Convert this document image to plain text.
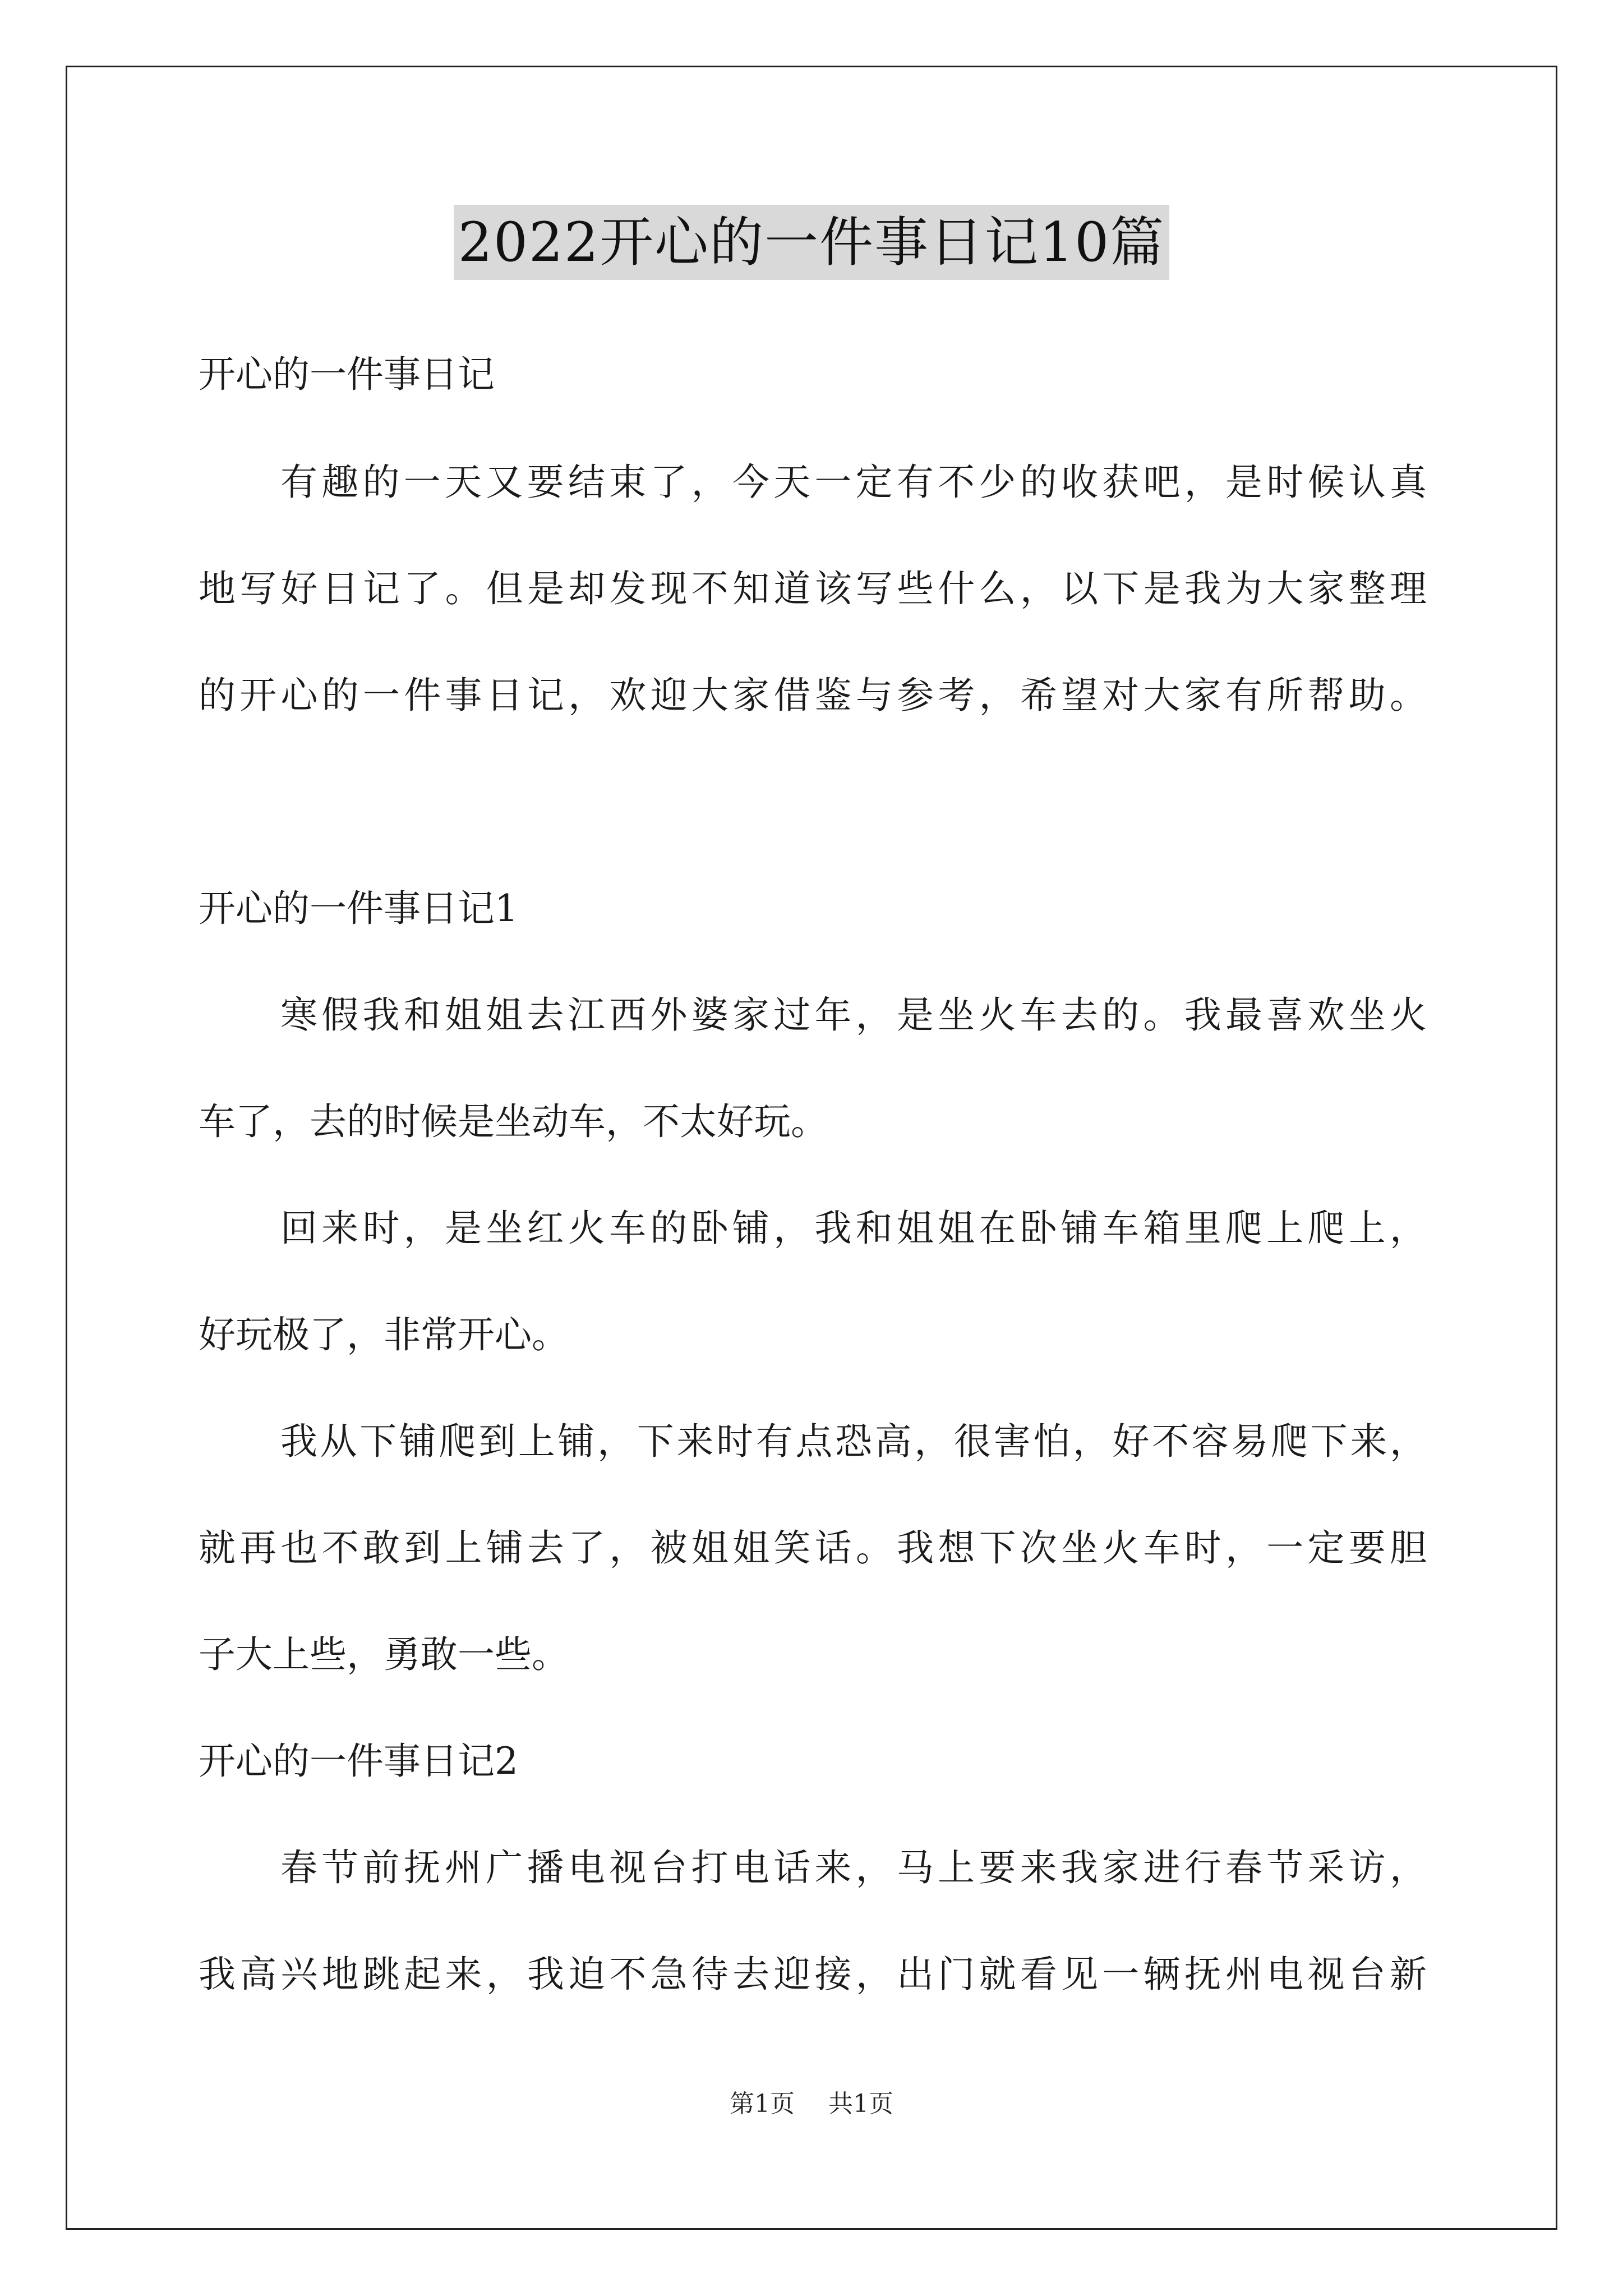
2022开心的一件事日记10篇
开心的一件事日记
有趣的一天又要结束了，今天一定有不少的收获吧，是时候认真
地写好日记了。但是却发现不知道该写些什么，以下是我为大家整理
的开心的一件事日记，欢迎大家借鉴与参考，希望对大家有所帮助。
开心的一件事日记1
寒假我和姐姐去江西外婆家过年，是坐火车去的。我最喜欢坐火
车了，去的时候是坐动车，不太好玩。
回来时，是坐红火车的卧铺，我和姐姐在卧铺车箱里爬上爬上，
好玩极了，非常开心。
我从下铺爬到上铺，下来时有点恐高，很害怕，好不容易爬下来，
就再也不敢到上铺去了，被姐姐笑话。我想下次坐火车时，一定要胆
子大上些，勇敢一些。
开心的一件事日记2
春节前抚州广播电视台打电话来，马上要来我家进行春节采访，
我高兴地跳起来，我迫不急待去迎接，出门就看见一辆抚州电视台新
第1页 共1页
